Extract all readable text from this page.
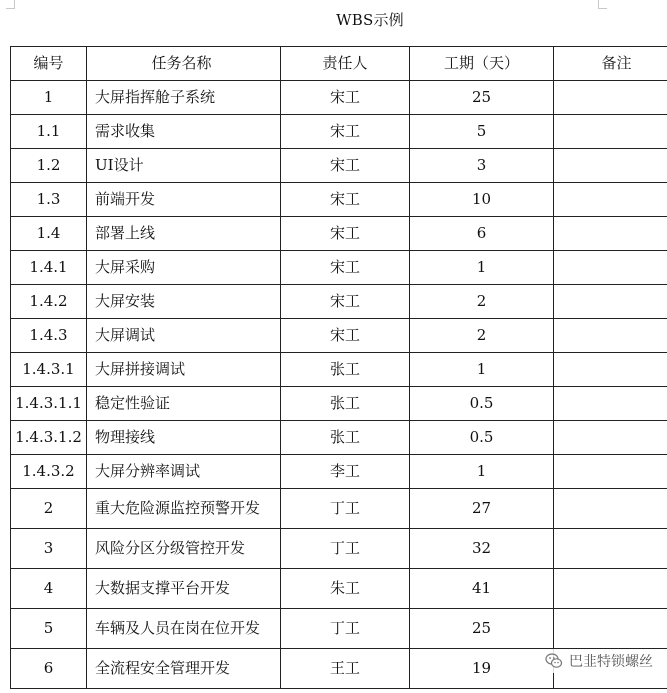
WBS示例
编号	任务名称	责任人	工期（天）	备注
1	大屏指挥舱子系统	宋工	25	
1.1	需求收集	宋工	5	
1.2	UI设计	宋工	3	
1.3	前端开发	宋工	10	
1.4	部署上线	宋工	6	
1.4.1	大屏采购	宋工	1	
1.4.2	大屏安装	宋工	2	
1.4.3	大屏调试	宋工	2	
1.4.3.1	大屏拼接调试	张工	1	
1.4.3.1.1	稳定性验证	张工	0.5	
1.4.3.1.2	物理接线	张工	0.5	
1.4.3.2	大屏分辨率调试	李工	1	
2	重大危险源监控预警开发	丁工	27	
3	风险分区分级管控开发	丁工	32	
4	大数据支撑平台开发	朱工	41	
5	车辆及人员在岗在位开发	丁工	25	
6	全流程安全管理开发	王工	19		巴韭特锁螺丝
